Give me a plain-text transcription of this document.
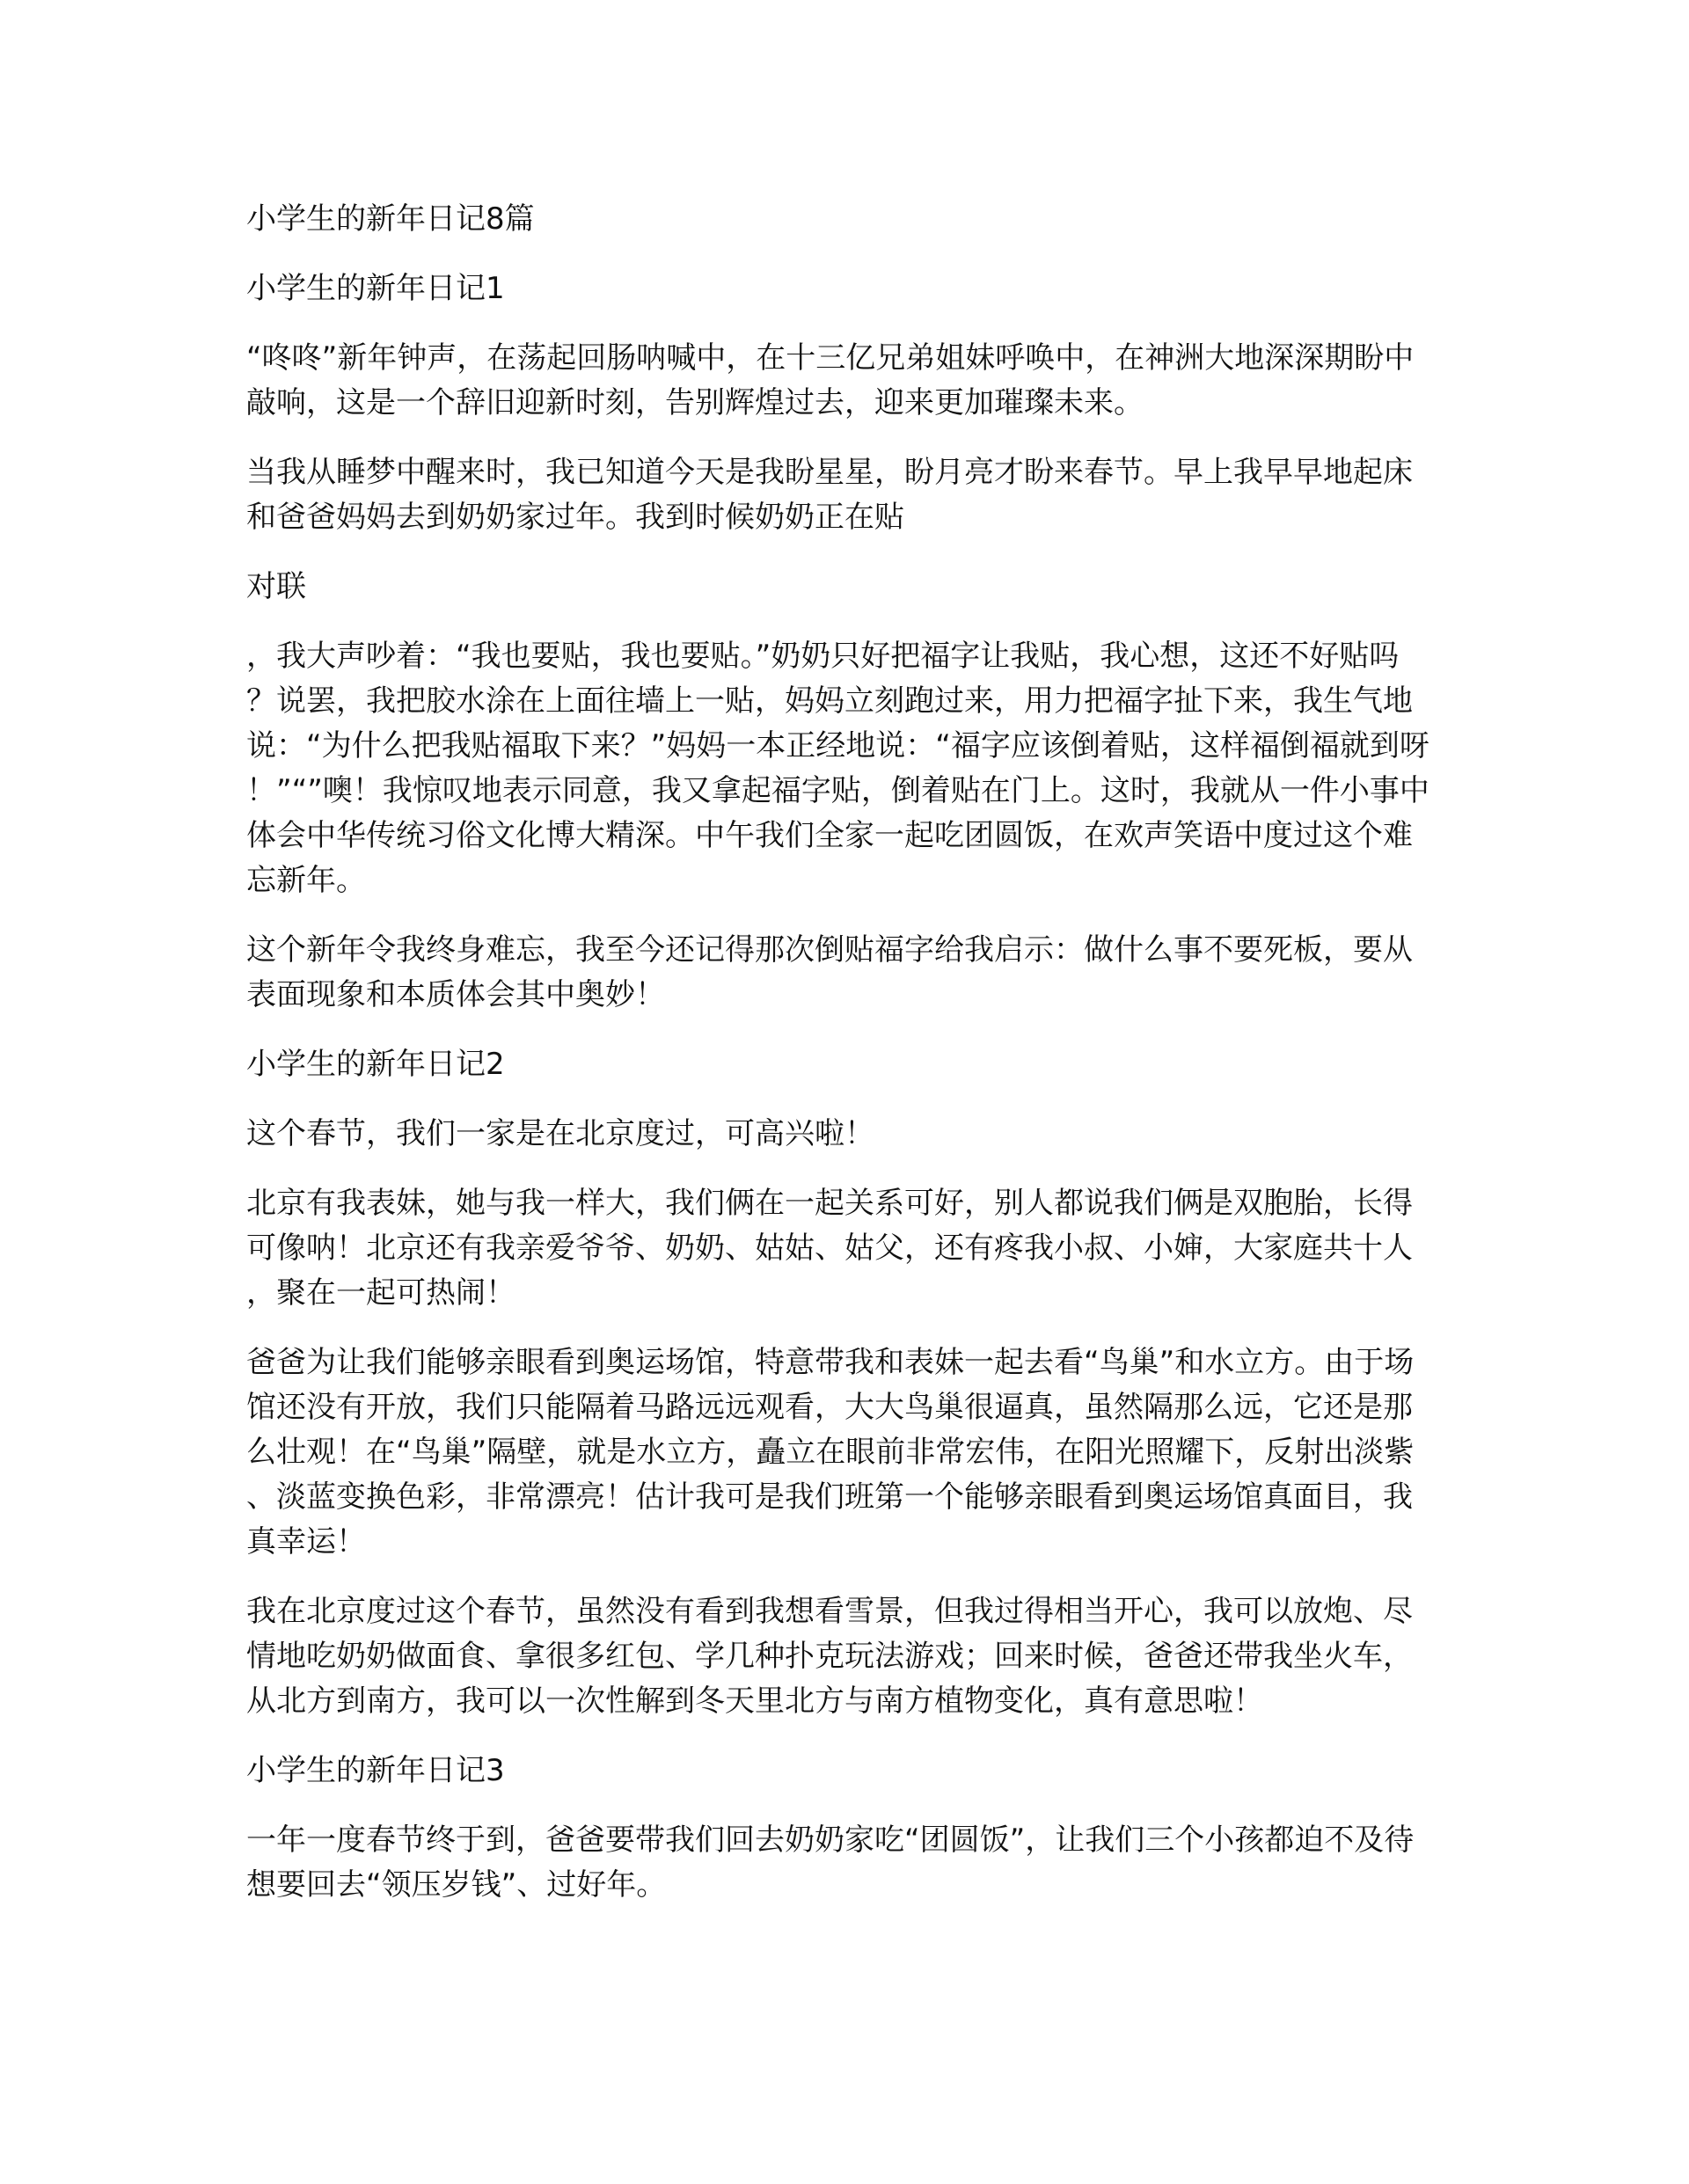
小学生的新年日记8篇
小学生的新年日记1
“咚咚”新年钟声，在荡起回肠呐喊中，在十三亿兄弟姐妹呼唤中，在神洲大地深深期盼中
敲响，这是一个辞旧迎新时刻，告别辉煌过去，迎来更加璀璨未来。
当我从睡梦中醒来时，我已知道今天是我盼星星，盼月亮才盼来春节。早上我早早地起床
和爸爸妈妈去到奶奶家过年。我到时候奶奶正在贴
对联
，我大声吵着：“我也要贴，我也要贴。”奶奶只好把福字让我贴，我心想，这还不好贴吗
？说罢，我把胶水涂在上面往墙上一贴，妈妈立刻跑过来，用力把福字扯下来，我生气地
说：“为什么把我贴福取下来？”妈妈一本正经地说：“福字应该倒着贴，这样福倒福就到呀
！”“”噢！我惊叹地表示同意，我又拿起福字贴，倒着贴在门上。这时，我就从一件小事中
体会中华传统习俗文化博大精深。中午我们全家一起吃团圆饭，在欢声笑语中度过这个难
忘新年。
这个新年令我终身难忘，我至今还记得那次倒贴福字给我启示：做什么事不要死板，要从
表面现象和本质体会其中奥妙！
小学生的新年日记2
这个春节，我们一家是在北京度过，可高兴啦！
北京有我表妹，她与我一样大，我们俩在一起关系可好，别人都说我们俩是双胞胎，长得
可像呐！北京还有我亲爱爷爷、奶奶、姑姑、姑父，还有疼我小叔、小婶，大家庭共十人
，聚在一起可热闹！
爸爸为让我们能够亲眼看到奥运场馆，特意带我和表妹一起去看“鸟巢”和水立方。由于场
馆还没有开放，我们只能隔着马路远远观看，大大鸟巢很逼真，虽然隔那么远，它还是那
么壮观！在“鸟巢”隔壁，就是水立方，矗立在眼前非常宏伟，在阳光照耀下，反射出淡紫
、淡蓝变换色彩，非常漂亮！估计我可是我们班第一个能够亲眼看到奥运场馆真面目，我
真幸运！
我在北京度过这个春节，虽然没有看到我想看雪景，但我过得相当开心，我可以放炮、尽
情地吃奶奶做面食、拿很多红包、学几种扑克玩法游戏；回来时候，爸爸还带我坐火车，
从北方到南方，我可以一次性解到冬天里北方与南方植物变化，真有意思啦！
小学生的新年日记3
一年一度春节终于到，爸爸要带我们回去奶奶家吃“团圆饭”，让我们三个小孩都迫不及待
想要回去“领压岁钱”、过好年。
